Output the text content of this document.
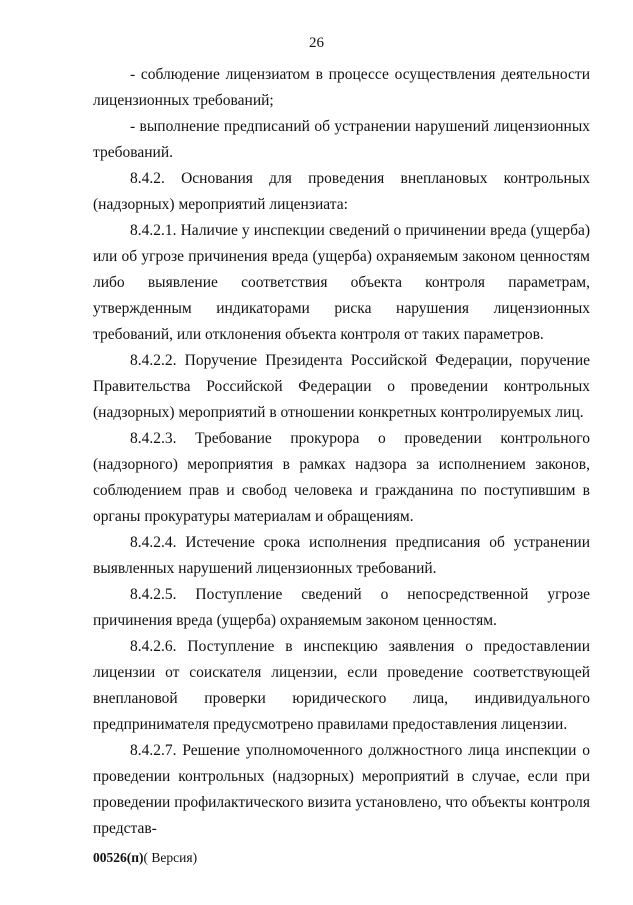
26

- соблюдение лицензиатом в процессе осуществления деятельности лицензионных требований;

- выполнение предписаний об устранении нарушений лицензионных требований.

8.4.2. Основания для проведения внеплановых контрольных (надзорных) мероприятий лицензиата:

8.4.2.1. Наличие у инспекции сведений о причинении вреда (ущерба) или об угрозе причинения вреда (ущерба) охраняемым законом ценностям либо выявление соответствия объекта контроля параметрам, утвержденным индикаторами риска нарушения лицензионных требований, или отклонения объекта контроля от таких параметров.

8.4.2.2. Поручение Президента Российской Федерации, поручение Правительства Российской Федерации о проведении контрольных (надзорных) мероприятий в отношении конкретных контролируемых лиц.

8.4.2.3. Требование прокурора о проведении контрольного (надзорного) мероприятия в рамках надзора за исполнением законов, соблюдением прав и свобод человека и гражданина по поступившим в органы прокуратуры материалам и обращениям.

8.4.2.4. Истечение срока исполнения предписания об устранении выявленных нарушений лицензионных требований.

8.4.2.5. Поступление сведений о непосредственной угрозе причинения вреда (ущерба) охраняемым законом ценностям.

8.4.2.6. Поступление в инспекцию заявления о предоставлении лицензии от соискателя лицензии, если проведение соответствующей внеплановой проверки юридического лица, индивидуального предпринимателя предусмотрено правилами предоставления лицензии.

8.4.2.7. Решение уполномоченного должностного лица инспекции о проведении контрольных (надзорных) мероприятий в случае, если при проведении профилактического визита установлено, что объекты контроля представ-

00526(п)( Версия)
